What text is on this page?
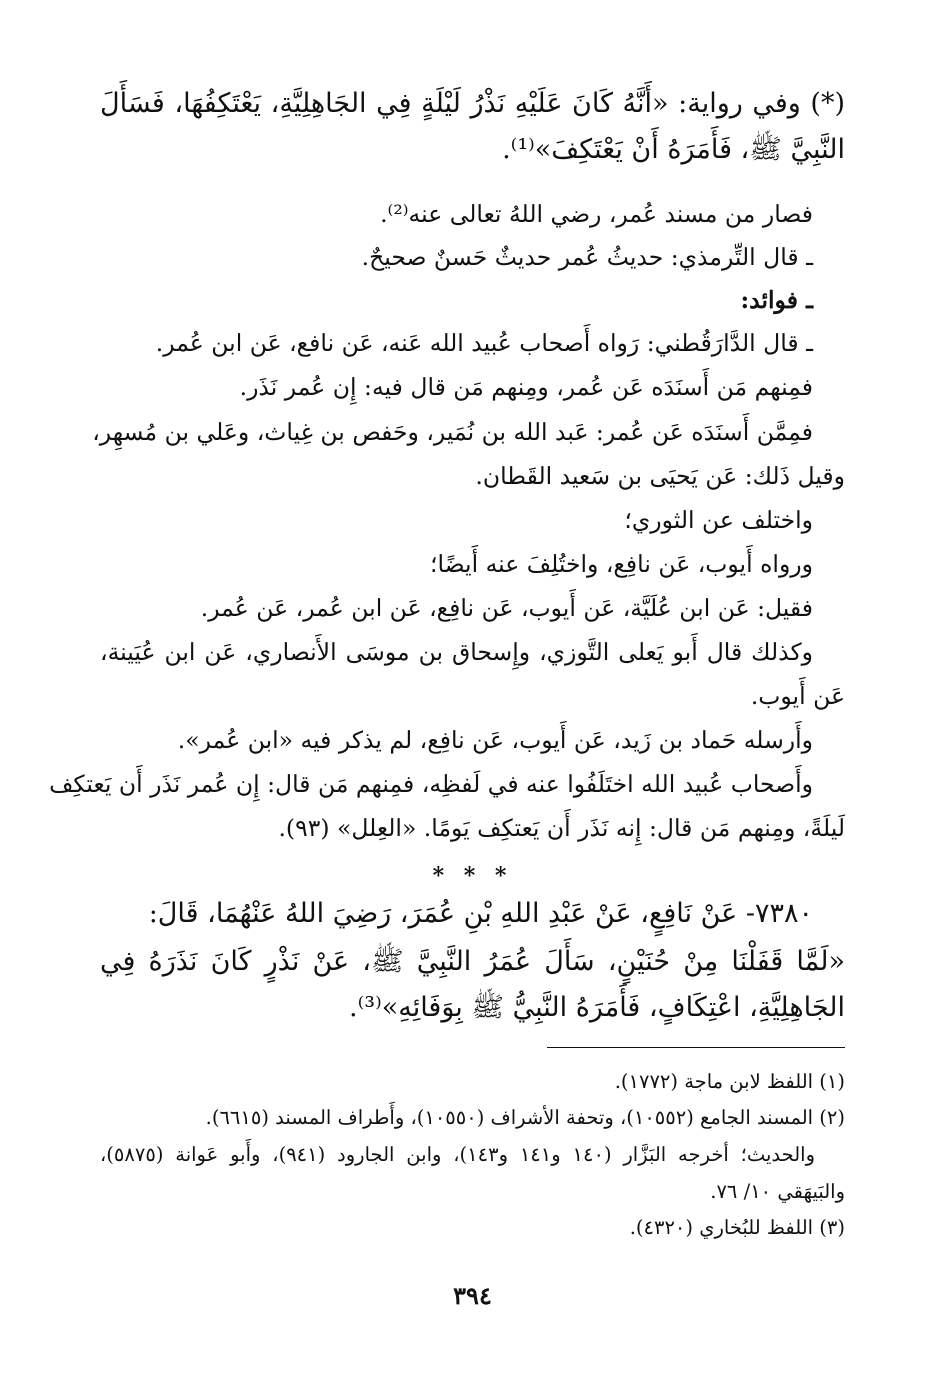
(*) وفي رواية: «أَنَّهُ كَانَ عَلَيْهِ نَذْرُ لَيْلَةٍ فِي الجَاهِلِيَّةِ، يَعْتَكِفُهَا، فَسَأَلَ
النَّبِيَّ ﷺ، فَأَمَرَهُ أَنْ يَعْتَكِفَ»⁽¹⁾.
فصار من مسند عُمر، رضي اللهُ تعالى عنه⁽²⁾.
ـ قال التِّرمذي: حديثُ عُمر حديثٌ حَسنٌ صحيحٌ.
ـ فوائد:
ـ قال الدَّارَقُطني: رَواه أَصحاب عُبيد الله عَنه، عَن نافع، عَن ابن عُمر.
فمِنهم مَن أَسنَدَه عَن عُمر، ومِنهم مَن قال فيه: إِن عُمر نَذَر.
فمِمَّن أَسنَدَه عَن عُمر: عَبد الله بن نُمَير، وحَفص بن غِياث، وعَلي بن مُسهِر،
وقيل ذَلك: عَن يَحيَى بن سَعيد القَطان.
واختلف عن الثوري؛
ورواه أَيوب، عَن نافِع، واختُلِفَ عنه أَيضًا؛
فقيل: عَن ابن عُلَيَّة، عَن أَيوب، عَن نافِع، عَن ابن عُمر، عَن عُمر.
وكذلك قال أَبو يَعلى التَّوزي، وإِسحاق بن موسَى الأَنصاري، عَن ابن عُيَينة،
عَن أَيوب.
وأَرسله حَماد بن زَيد، عَن أَيوب، عَن نافِع، لم يذكر فيه «ابن عُمر».
وأَصحاب عُبيد الله اختَلَفُوا عنه في لَفظِه، فمِنهم مَن قال: إِن عُمر نَذَر أَن يَعتكِف
لَيلَةً، ومِنهم مَن قال: إِنه نَذَر أَن يَعتكِف يَومًا. «العِلل» (٩٣).
* * *
٧٣٨٠- عَنْ نَافِعٍ، عَنْ عَبْدِ اللهِ بْنِ عُمَرَ، رَضِيَ اللهُ عَنْهُمَا، قَالَ:
«لَمَّا قَفَلْنَا مِنْ حُنَيْنٍ، سَأَلَ عُمَرُ النَّبِيَّ ﷺ، عَنْ نَذْرٍ كَانَ نَذَرَهُ فِي
الجَاهِلِيَّةِ، اعْتِكَافٍ، فَأَمَرَهُ النَّبِيُّ ﷺ بِوَفَائِهِ»⁽³⁾.
(١) اللفظ لابن ماجة (١٧٧٢).
(٢) المسند الجامع (١٠٥٥٢)، وتحفة الأشراف (١٠٥٥٠)، وأَطراف المسند (٦٦١٥).
والحديث؛ أخرجه البَزَّار (١٤٠ و١٤١ و١٤٣)، وابن الجارود (٩٤١)، وأَبو عَوانة (٥٨٧٥)،
والبَيهَقي ١٠/ ٧٦.
(٣) اللفظ للبُخاري (٤٣٢٠).
٣٩٤
